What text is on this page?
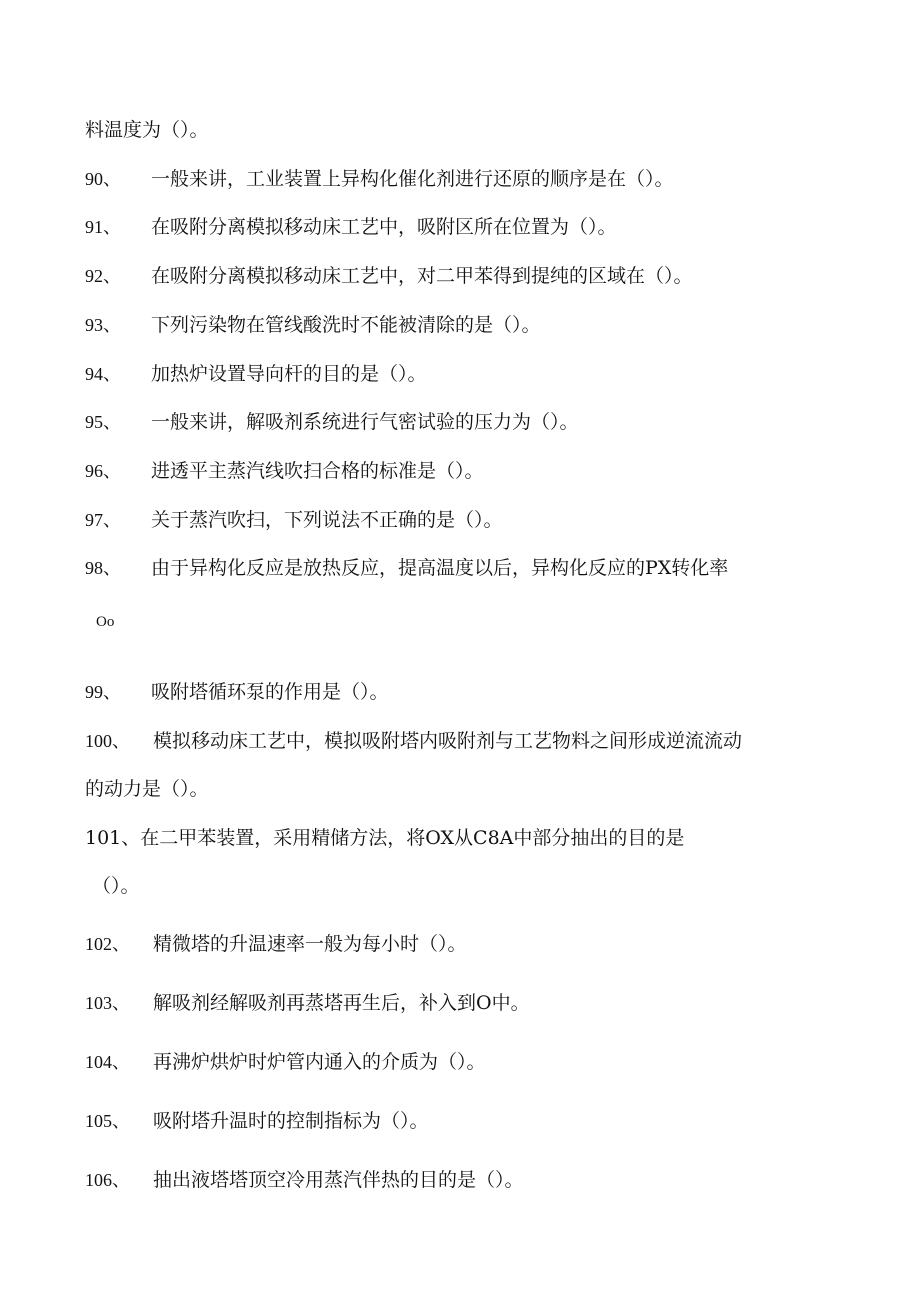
料温度为（）。
90、 一般来讲，工业装置上异构化催化剂进行还原的顺序是在（）。
91、 在吸附分离模拟移动床工艺中，吸附区所在位置为（）。
92、 在吸附分离模拟移动床工艺中，对二甲苯得到提纯的区域在（）。
93、 下列污染物在管线酸洗时不能被清除的是（）。
94、 加热炉设置导向杆的目的是（）。
95、 一般来讲，解吸剂系统进行气密试验的压力为（）。
96、 进透平主蒸汽线吹扫合格的标准是（）。
97、 关于蒸汽吹扫，下列说法不正确的是（）。
98、 由于异构化反应是放热反应，提高温度以后，异构化反应的PX转化率
Oo
99、 吸附塔循环泵的作用是（）。
100、 模拟移动床工艺中，模拟吸附塔内吸附剂与工艺物料之间形成逆流流动
的动力是（）。
101、在二甲苯装置，采用精储方法，将OX从C8A中部分抽出的目的是
（）。
102、 精微塔的升温速率一般为每小时（）。
103、 解吸剂经解吸剂再蒸塔再生后，补入到O中。
104、 再沸炉烘炉时炉管内通入的介质为（）。
105、 吸附塔升温时的控制指标为（）。
106、 抽出液塔塔顶空冷用蒸汽伴热的目的是（）。
